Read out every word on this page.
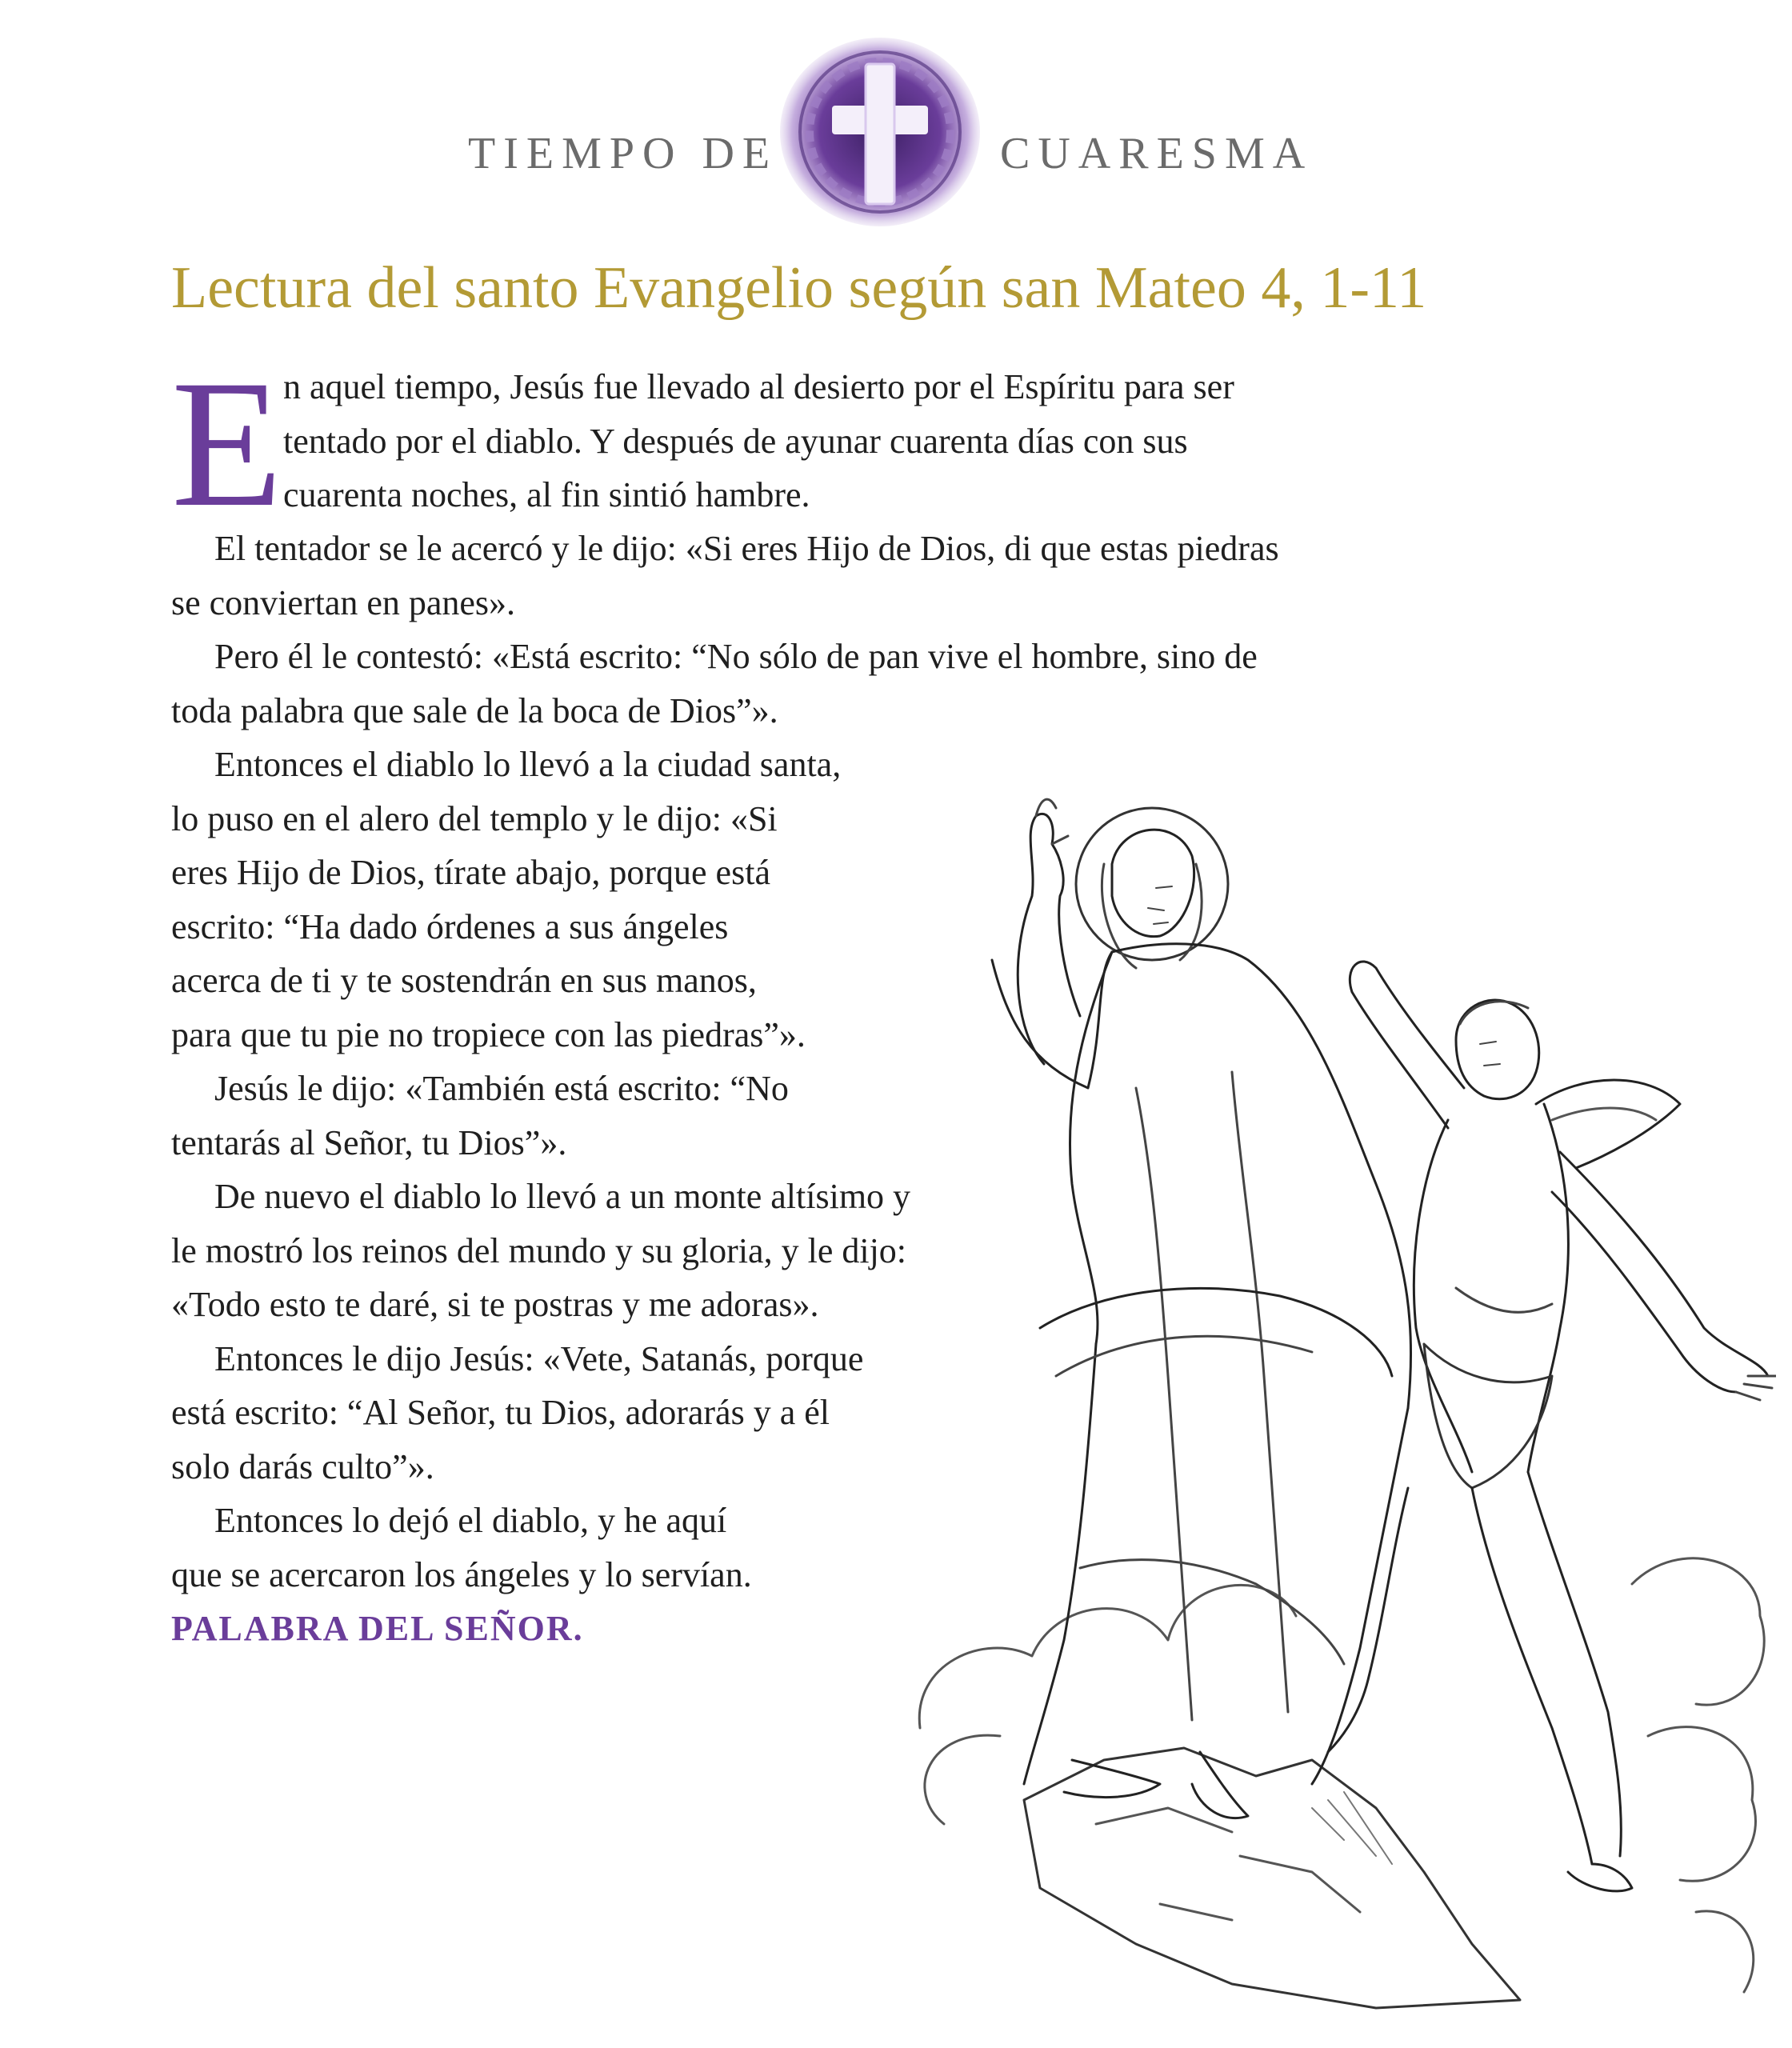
TIEMPO DE	CUARESMA
Lectura del santo Evangelio según san Mateo 4, 1-11
E n aquel tiempo, Jesús fue llevado al desierto por el Espíritu para ser
tentado por el diablo. Y después de ayunar cuarenta días con sus
cuarenta noches, al fin sintió hambre.
El tentador se le acercó y le dijo: «Si eres Hijo de Dios, di que estas piedras
se conviertan en panes».
Pero él le contestó: «Está escrito: “No sólo de pan vive el hombre, sino de
toda palabra que sale de la boca de Dios”».
Entonces el diablo lo llevó a la ciudad santa,
lo puso en el alero del templo y le dijo: «Si
eres Hijo de Dios, tírate abajo, porque está
escrito: “Ha dado órdenes a sus ángeles
acerca de ti y te sostendrán en sus manos,
para que tu pie no tropiece con las piedras”».
Jesús le dijo: «También está escrito: “No
tentarás al Señor, tu Dios”».
De nuevo el diablo lo llevó a un monte altísimo y
le mostró los reinos del mundo y su gloria, y le dijo:
«Todo esto te daré, si te postras y me adoras».
Entonces le dijo Jesús: «Vete, Satanás, porque
está escrito: “Al Señor, tu Dios, adorarás y a él
solo darás culto”».
Entonces lo dejó el diablo, y he aquí
que se acercaron los ángeles y lo servían.
PALABRA DEL SEÑOR.
